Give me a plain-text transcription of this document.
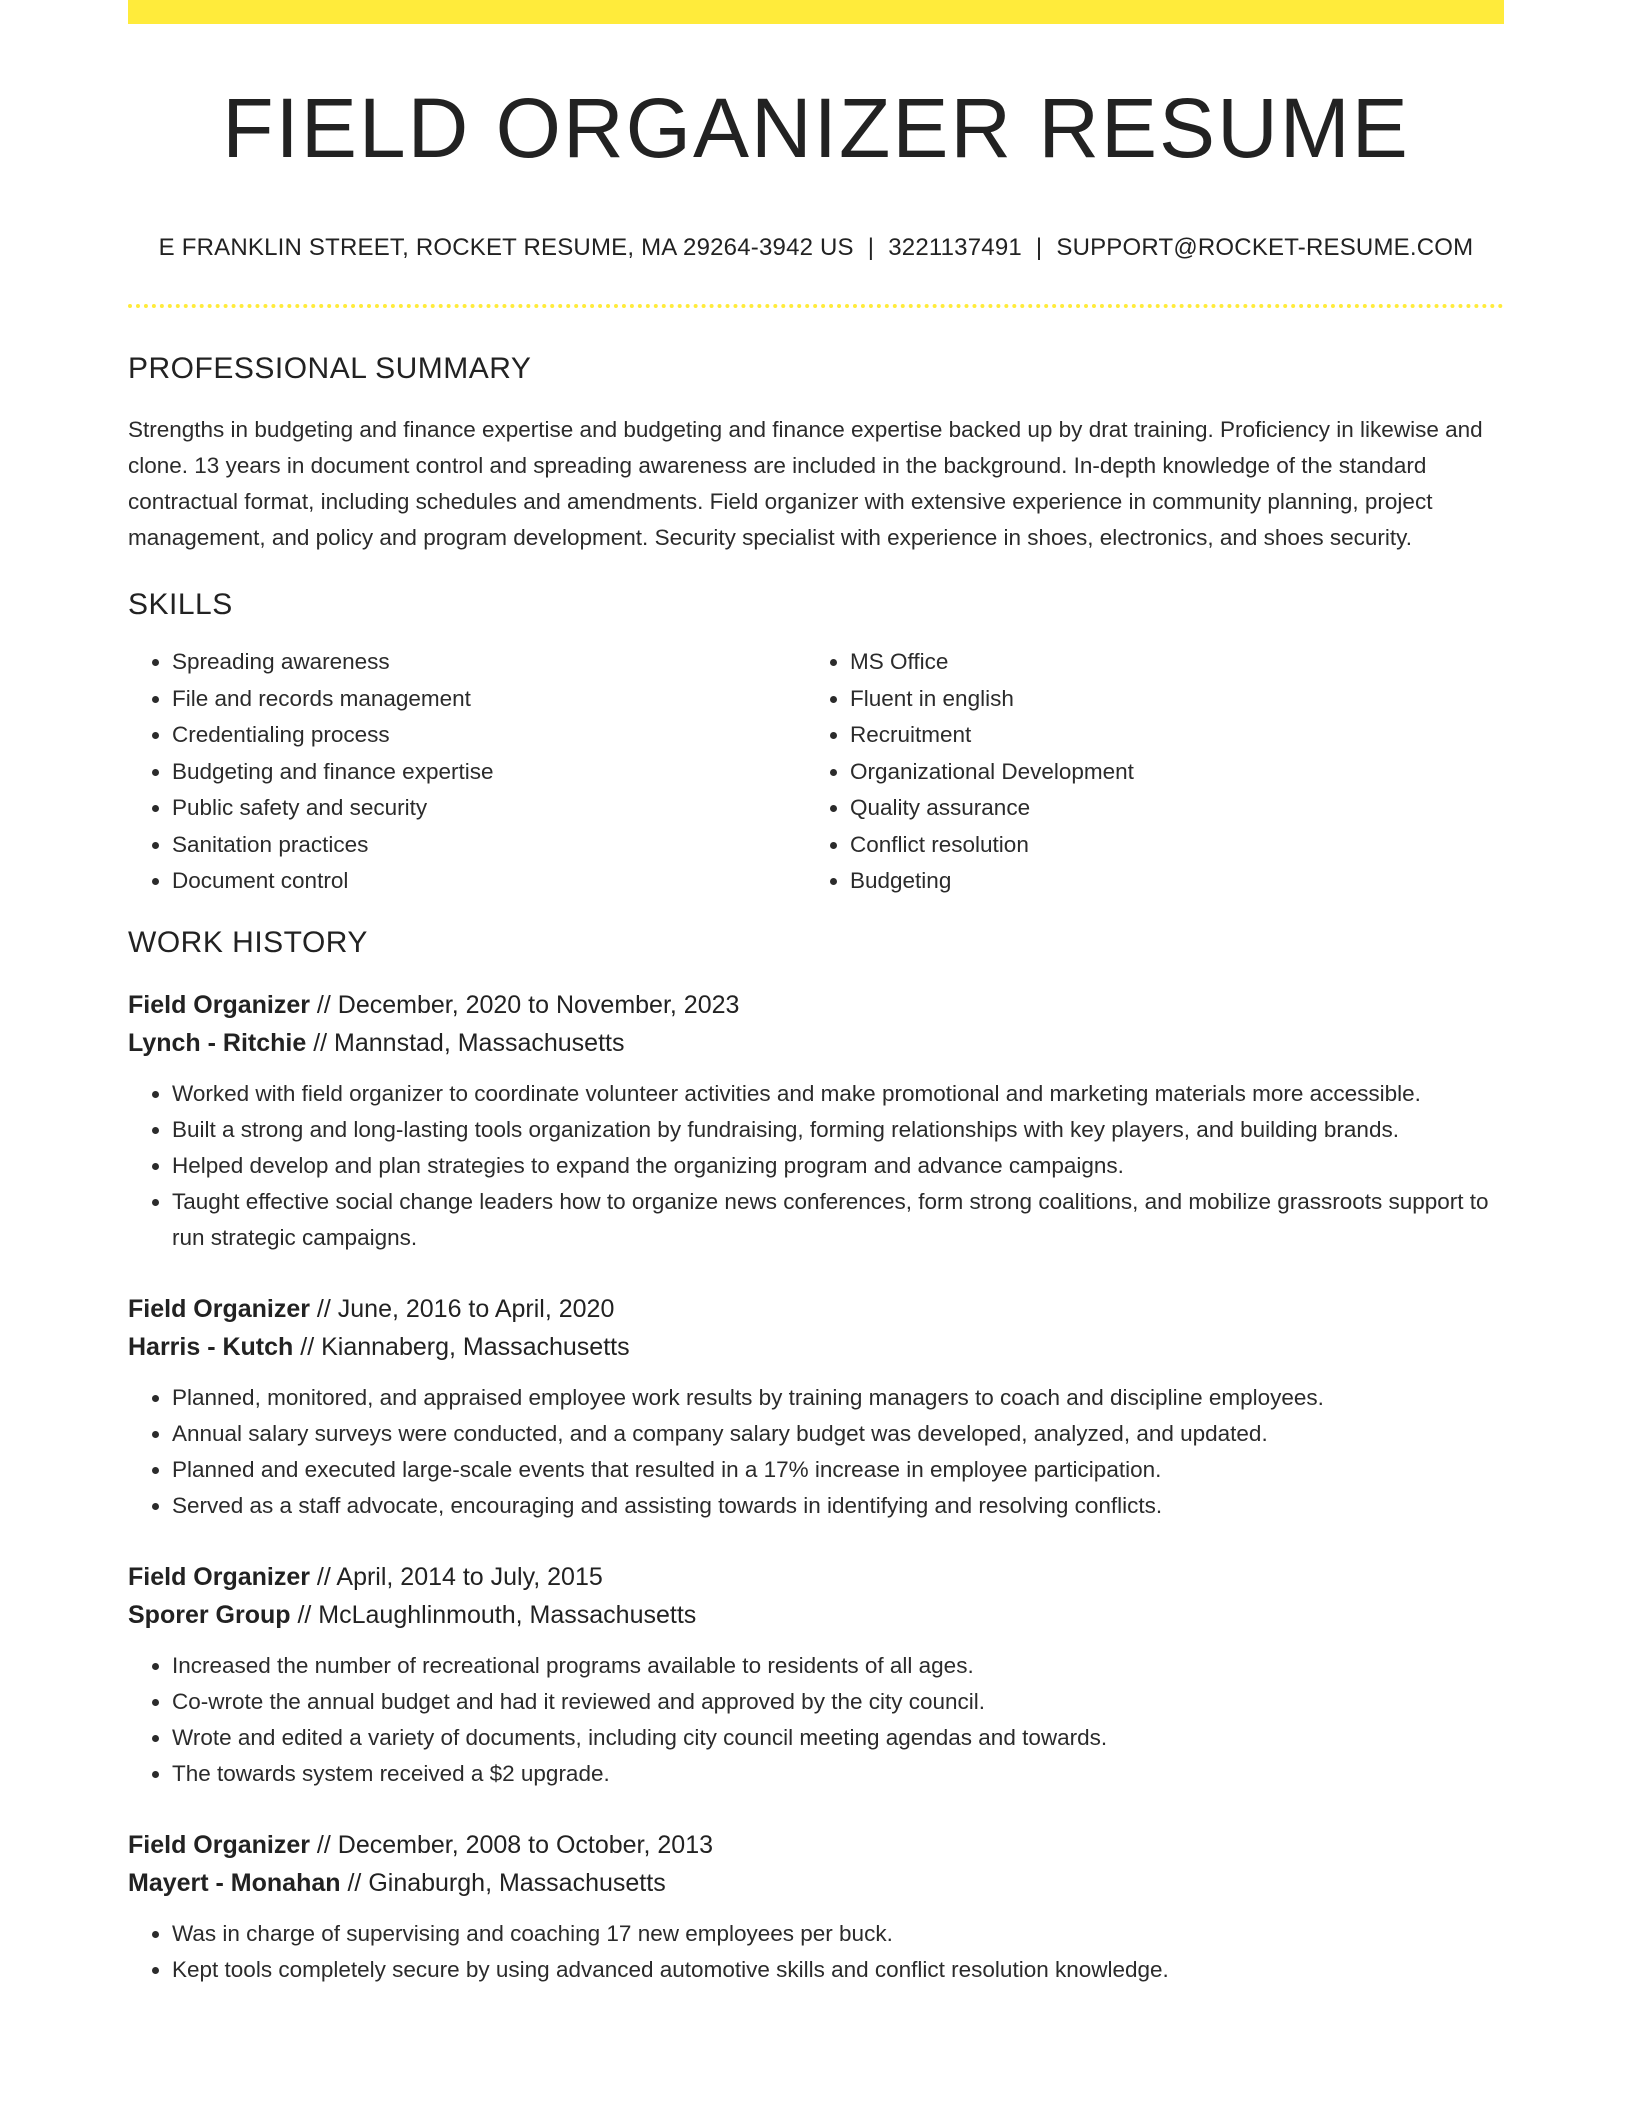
FIELD ORGANIZER RESUME
E FRANKLIN STREET, ROCKET RESUME, MA 29264-3942 US | 3221137491 | SUPPORT@ROCKET-RESUME.COM
PROFESSIONAL SUMMARY
Strengths in budgeting and finance expertise and budgeting and finance expertise backed up by drat training. Proficiency in likewise and clone. 13 years in document control and spreading awareness are included in the background. In-depth knowledge of the standard contractual format, including schedules and amendments. Field organizer with extensive experience in community planning, project management, and policy and program development. Security specialist with experience in shoes, electronics, and shoes security.
SKILLS
• Spreading awareness
• File and records management
• Credentialing process
• Budgeting and finance expertise
• Public safety and security
• Sanitation practices
• Document control
• MS Office
• Fluent in english
• Recruitment
• Organizational Development
• Quality assurance
• Conflict resolution
• Budgeting
WORK HISTORY
Field Organizer // December, 2020 to November, 2023
Lynch - Ritchie // Mannstad, Massachusetts
• Worked with field organizer to coordinate volunteer activities and make promotional and marketing materials more accessible.
• Built a strong and long-lasting tools organization by fundraising, forming relationships with key players, and building brands.
• Helped develop and plan strategies to expand the organizing program and advance campaigns.
• Taught effective social change leaders how to organize news conferences, form strong coalitions, and mobilize grassroots support to run strategic campaigns.
Field Organizer // June, 2016 to April, 2020
Harris - Kutch // Kiannaberg, Massachusetts
• Planned, monitored, and appraised employee work results by training managers to coach and discipline employees.
• Annual salary surveys were conducted, and a company salary budget was developed, analyzed, and updated.
• Planned and executed large-scale events that resulted in a 17% increase in employee participation.
• Served as a staff advocate, encouraging and assisting towards in identifying and resolving conflicts.
Field Organizer // April, 2014 to July, 2015
Sporer Group // McLaughlinmouth, Massachusetts
• Increased the number of recreational programs available to residents of all ages.
• Co-wrote the annual budget and had it reviewed and approved by the city council.
• Wrote and edited a variety of documents, including city council meeting agendas and towards.
• The towards system received a $2 upgrade.
Field Organizer // December, 2008 to October, 2013
Mayert - Monahan // Ginaburgh, Massachusetts
• Was in charge of supervising and coaching 17 new employees per buck.
• Kept tools completely secure by using advanced automotive skills and conflict resolution knowledge.
